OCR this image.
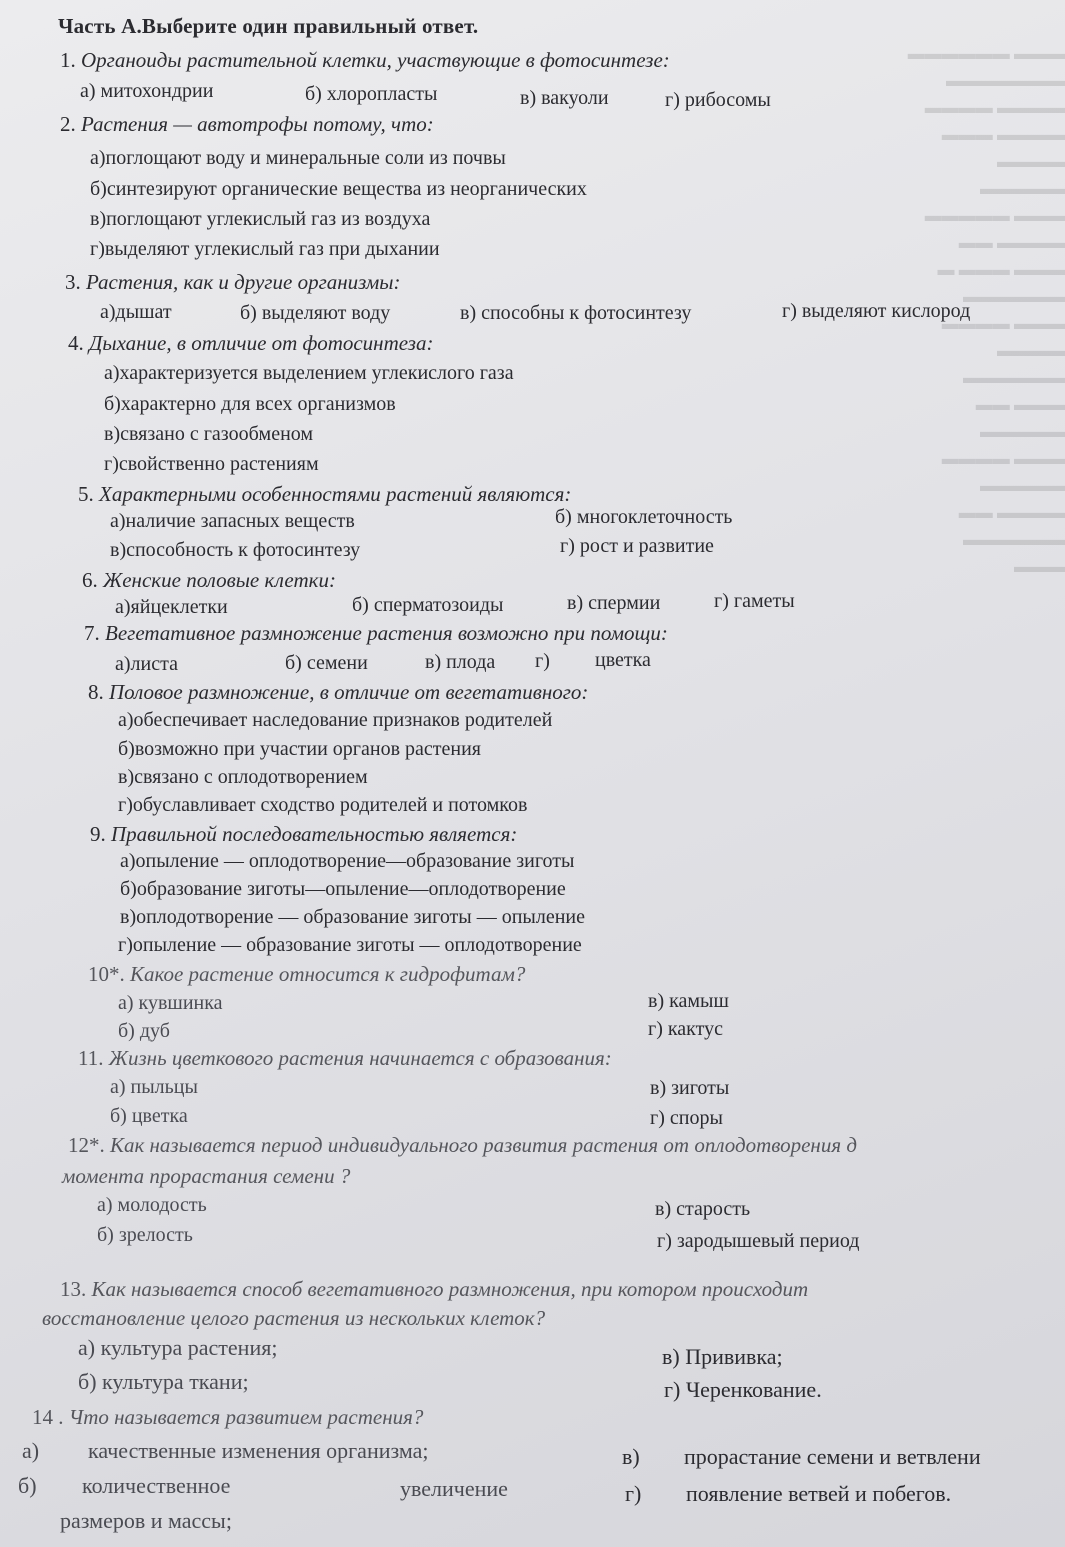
▬▬▬ ▬▬▬▬▬▬
▬▬▬▬▬▬▬
▬▬▬▬ ▬▬▬▬
▬▬▬▬ ▬▬▬
▬▬▬▬
▬▬▬▬▬
▬▬▬ ▬▬▬▬▬
▬▬▬▬ ▬▬
▬▬▬ ▬▬▬ ▬
▬▬▬▬▬▬
▬▬▬ ▬▬▬▬
▬▬▬▬
▬▬▬▬▬▬
▬▬▬ ▬▬
▬▬▬▬▬
▬▬▬ ▬▬▬▬
▬▬▬▬▬
▬▬▬▬ ▬▬
▬▬▬▬▬▬
▬▬▬
Часть А.Выберите один правильный ответ.
1. Органоиды растительной клетки, участвующие в фотосинтезе:
а) митохондрии	б) хлоропласты	в) вакуоли	г) рибосомы
2. Растения — автотрофы потому, что:
а)поглощают воду и минеральные соли из почвы
б)синтезируют органические вещества из неорганических
в)поглощают углекислый газ из воздуха
г)выделяют углекислый газ при дыхании
3. Растения, как и другие организмы:
а)дышат	б) выделяют воду	в) способны к фотосинтезу	г) выделяют кислород
4. Дыхание, в отличие от фотосинтеза:
а)характеризуется выделением углекислого газа
б)характерно для всех организмов
в)связано с газообменом
г)свойственно растениям
5. Характерными особенностями растений являются:
а)наличие запасных веществ	б) многоклеточность
в)способность к фотосинтезу	г) рост и развитие
6. Женские половые клетки:
а)яйцеклетки	б) сперматозоиды	в) спермии	г) гаметы
7. Вегетативное размножение растения возможно при помощи:
а)листа	б) семени	в) плода г) цветка
8. Половое размножение, в отличие от вегетативного:
а)обеспечивает наследование признаков родителей
б)возможно при участии органов растения
в)связано с оплодотворением
г)обуславливает сходство родителей и потомков
9. Правильной последовательностью является:
а)опыление — оплодотворение—образование зиготы
б)образование зиготы—опыление—оплодотворение
в)оплодотворение — образование зиготы — опыление
г)опыление — образование зиготы — оплодотворение
10*. Какое растение относится к гидрофитам?
а) кувшинка	в) камыш
б) дуб	г) кактус
11. Жизнь цветкового растения начинается с образования:
а) пыльцы	в) зиготы
б) цветка	г) споры
12*. Как называется период индивидуального развития растения от оплодотворения д
момента прорастания семени ?
а) молодость	в) старость
б) зрелость	г) зародышевый период
13. Как называется способ вегетативного размножения, при котором происходит
восстановление целого растения из нескольких клеток?
а) культура растения;	в) Прививка;
б) культура ткани;	г) Черенкование.
14 . Что называется развитием растения?
а) качественные изменения организма;	в) прорастание семени и ветвлени
б) количественное	увеличение	г) появление ветвей и побегов.
размеров и массы;
